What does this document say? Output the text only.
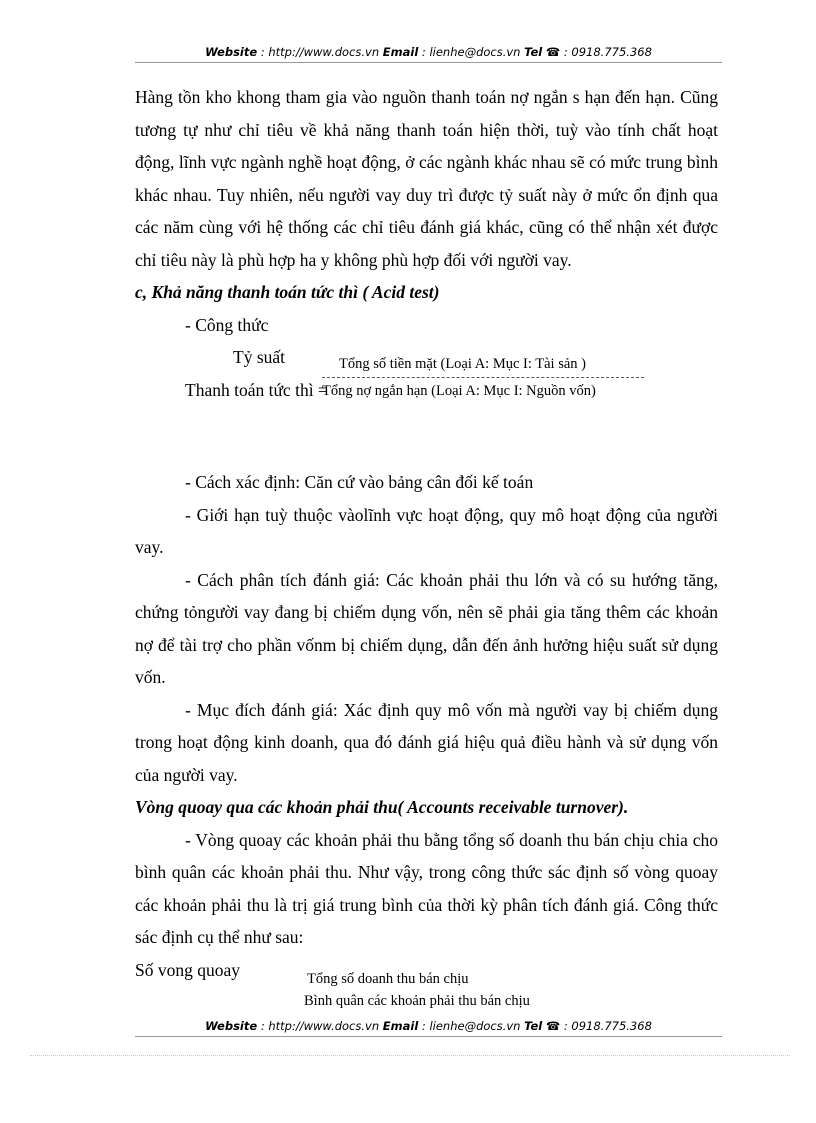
Website : http://www.docs.vn Email : lienhe@docs.vn Tel ☎ : 0918.775.368

Hàng tồn kho khong tham gia vào nguồn thanh toán nợ ngắn s hạn đến hạn. Cũng tương tự như chỉ tiêu về khả năng thanh toán hiện thời, tuỳ vào tính chất hoạt động, lĩnh vực ngành nghề hoạt động, ở các ngành khác nhau sẽ có mức trung bình khác nhau. Tuy nhiên, nếu người vay duy trì được tỷ suất này ở mức ổn định qua các năm cùng với hệ thống các chỉ tiêu đánh giá khác, cũng có thể nhận xét được chỉ tiêu này là phù hợp ha y không phù hợp đối với người vay.

c, Khả năng thanh toán tức thì ( Acid test)

- Công thức
Tỷ suất
Thanh toán tức thì =
$\frac{\text{Tổng số tiền mặt (Loại A: Mục I: Tài sản )}}{\text{Tổng nợ ngắn hạn (Loại A: Mục I: Nguồn vốn)}}$

- Cách xác định: Căn cứ vào bảng cân đối kế toán

- Giới hạn tuỳ thuộc vàolĩnh vực hoạt động, quy mô hoạt động của người vay.

- Cách phân tích đánh giá: Các khoản phải thu lớn và có su hướng tăng, chứng tỏngười vay đang bị chiếm dụng vốn, nên sẽ phải gia tăng thêm các khoản nợ để tài trợ cho phần vốnm bị chiếm dụng, dẫn đến ảnh hưởng hiệu suất sử dụng vốn.

- Mục đích đánh giá: Xác định quy mô vốn mà người vay bị chiếm dụng trong hoạt động kinh doanh, qua đó đánh giá hiệu quả điều hành và sử dụng vốn của người vay.

Vòng quoay qua các khoản phải thu( Accounts receivable turnover).

- Vòng quoay các khoản phải thu bằng tổng số doanh thu bán chịu chia cho bình quân các khoản phải thu. Như vậy, trong công thức sác định số vòng quoay các khoản phải thu là trị giá trung bình của thời kỳ phân tích đánh giá. Công thức sác định cụ thể như sau:

Số vong quoay	Tổng số doanh thu bán chịu
Bình quân các khoản phải thu bán chịu
Website : http://www.docs.vn Email : lienhe@docs.vn Tel ☎ : 0918.775.368
